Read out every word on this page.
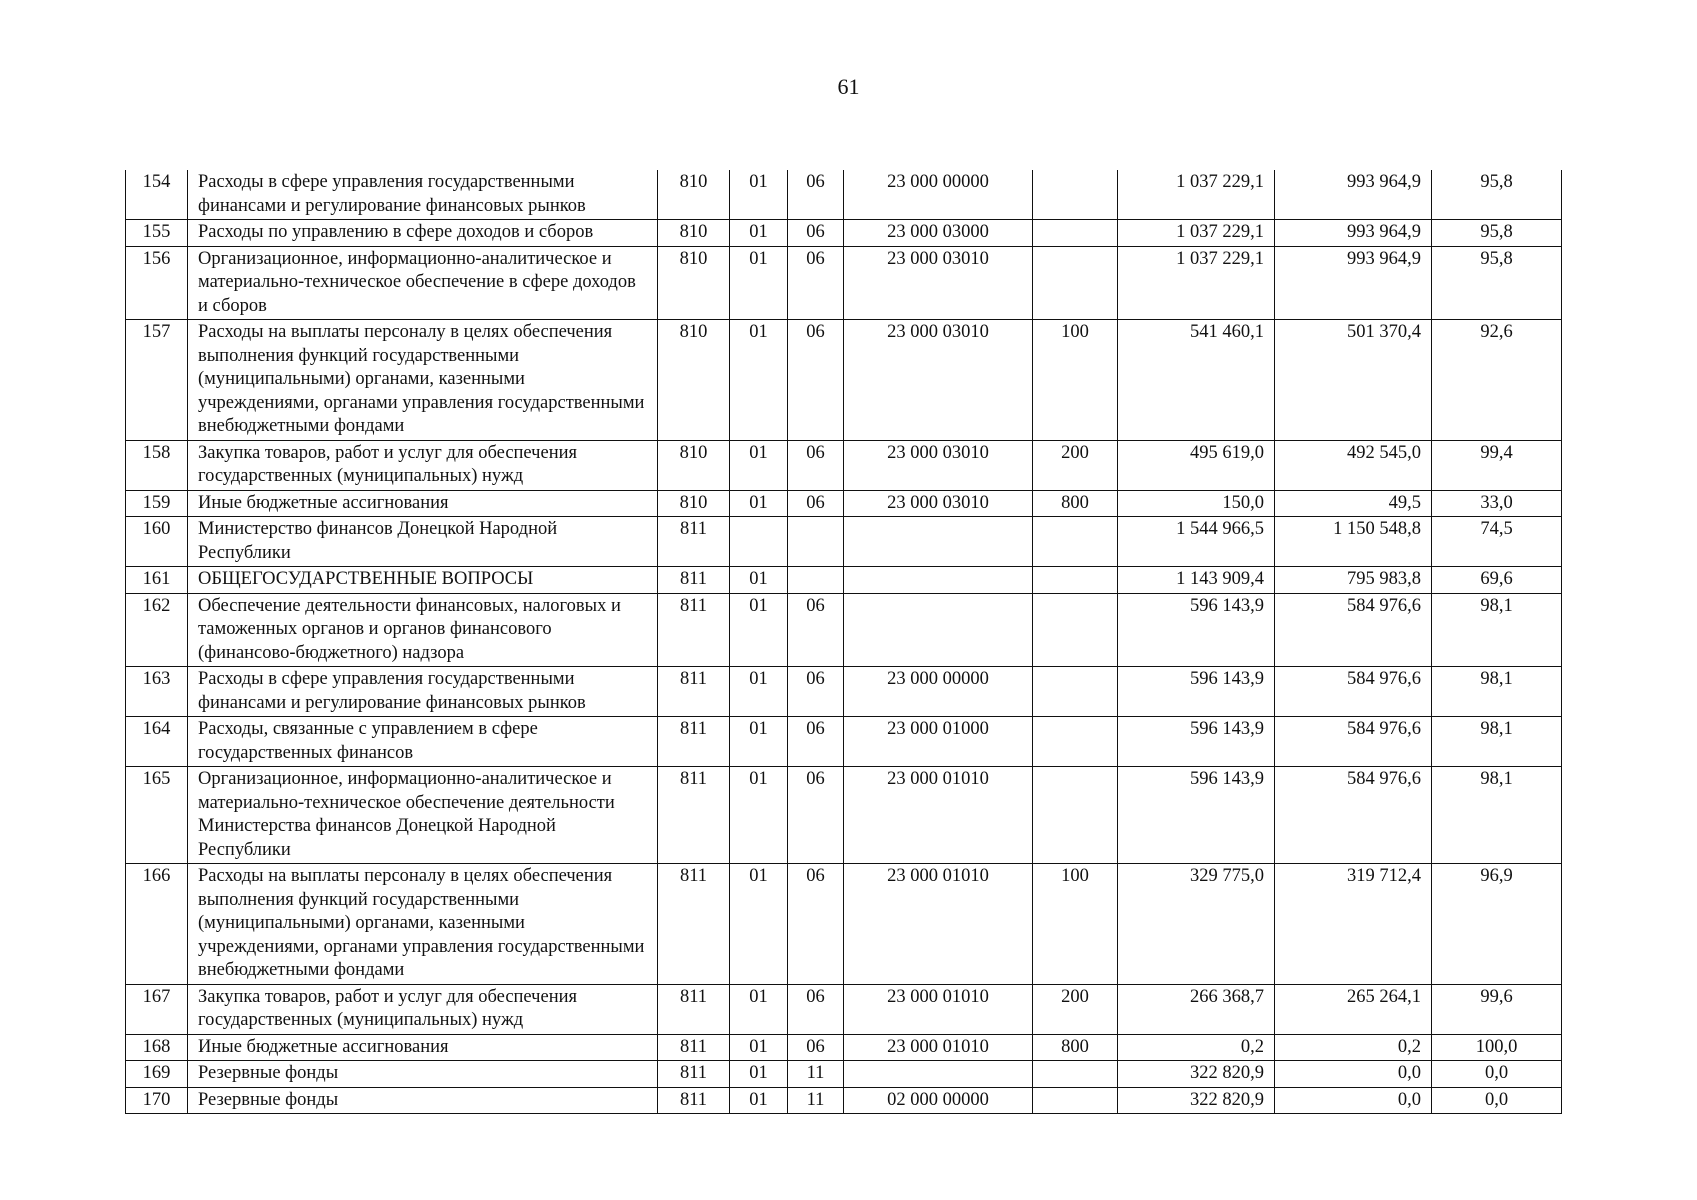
61
154	Расходы в сфере управления государственными финансами и регулирование финансовых рынков	810	01	06	23 000 00000		1 037 229,1	993 964,9	95,8
155	Расходы по управлению в сфере доходов и сборов	810	01	06	23 000 03000		1 037 229,1	993 964,9	95,8
156	Организационное, информационно-аналитическое и материально-техническое обеспечение в сфере доходов и сборов	810	01	06	23 000 03010		1 037 229,1	993 964,9	95,8
157	Расходы на выплаты персоналу в целях обеспечения выполнения функций государственными (муниципальными) органами, казенными учреждениями, органами управления государственными внебюджетными фондами	810	01	06	23 000 03010	100	541 460,1	501 370,4	92,6
158	Закупка товаров, работ и услуг для обеспечения государственных (муниципальных) нужд	810	01	06	23 000 03010	200	495 619,0	492 545,0	99,4
159	Иные бюджетные ассигнования	810	01	06	23 000 03010	800	150,0	49,5	33,0
160	Министерство финансов Донецкой Народной Республики	811					1 544 966,5	1 150 548,8	74,5
161	ОБЩЕГОСУДАРСТВЕННЫЕ ВОПРОСЫ	811	01				1 143 909,4	795 983,8	69,6
162	Обеспечение деятельности финансовых, налоговых и таможенных органов и органов финансового (финансово-бюджетного) надзора	811	01	06			596 143,9	584 976,6	98,1
163	Расходы в сфере управления государственными финансами и регулирование финансовых рынков	811	01	06	23 000 00000		596 143,9	584 976,6	98,1
164	Расходы, связанные с управлением в сфере государственных финансов	811	01	06	23 000 01000		596 143,9	584 976,6	98,1
165	Организационное, информационно-аналитическое и материально-техническое обеспечение деятельности Министерства финансов Донецкой Народной Республики	811	01	06	23 000 01010		596 143,9	584 976,6	98,1
166	Расходы на выплаты персоналу в целях обеспечения выполнения функций государственными (муниципальными) органами, казенными учреждениями, органами управления государственными внебюджетными фондами	811	01	06	23 000 01010	100	329 775,0	319 712,4	96,9
167	Закупка товаров, работ и услуг для обеспечения государственных (муниципальных) нужд	811	01	06	23 000 01010	200	266 368,7	265 264,1	99,6
168	Иные бюджетные ассигнования	811	01	06	23 000 01010	800	0,2	0,2	100,0
169	Резервные фонды	811	01	11			322 820,9	0,0	0,0
170	Резервные фонды	811	01	11	02 000 00000		322 820,9	0,0	0,0
